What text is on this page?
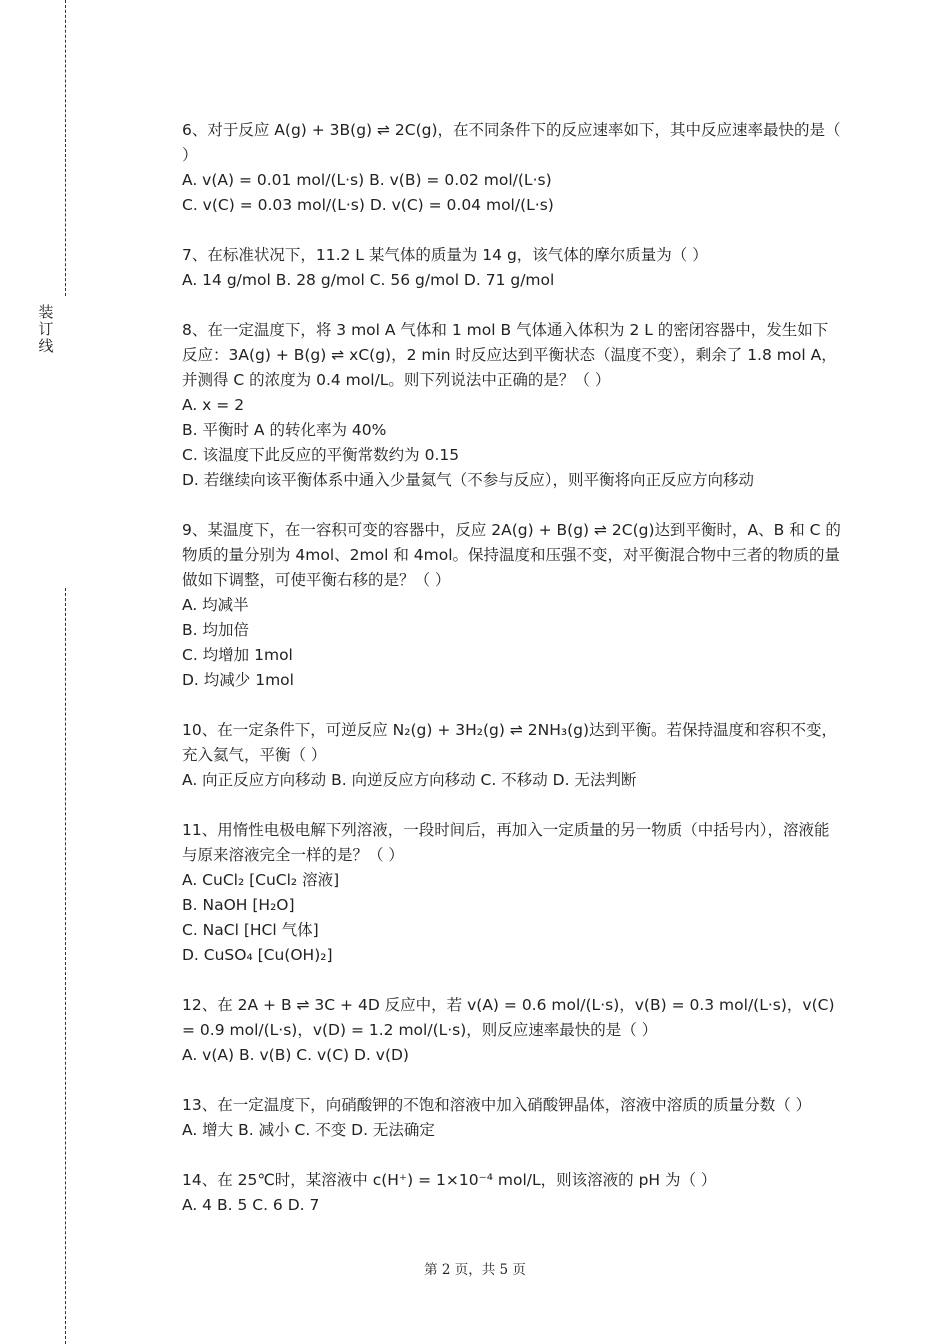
装
订
线
6、对于反应 A(g) + 3B(g) ⇌ 2C(g)，在不同条件下的反应速率如下，其中反应速率最快的是（ ）
A. v(A) = 0.01 mol/(L·s) B. v(B) = 0.02 mol/(L·s)
C. v(C) = 0.03 mol/(L·s) D. v(C) = 0.04 mol/(L·s)
7、在标准状况下，11.2 L 某气体的质量为 14 g，该气体的摩尔质量为（ ）
A. 14 g/mol B. 28 g/mol C. 56 g/mol D. 71 g/mol
8、在一定温度下，将 3 mol A 气体和 1 mol B 气体通入体积为 2 L 的密闭容器中，发生如下反应：3A(g) + B(g) ⇌ xC(g)，2 min 时反应达到平衡状态（温度不变），剩余了 1.8 mol A，并测得 C 的浓度为 0.4 mol/L。则下列说法中正确的是？（ ）
A. x = 2
B. 平衡时 A 的转化率为 40%
C. 该温度下此反应的平衡常数约为 0.15
D. 若继续向该平衡体系中通入少量氦气（不参与反应），则平衡将向正反应方向移动
9、某温度下，在一容积可变的容器中，反应 2A(g) + B(g) ⇌ 2C(g)达到平衡时，A、B 和 C 的物质的量分别为 4mol、2mol 和 4mol。保持温度和压强不变，对平衡混合物中三者的物质的量做如下调整，可使平衡右移的是？（ ）
A. 均减半
B. 均加倍
C. 均增加 1mol
D. 均减少 1mol
10、在一定条件下，可逆反应 N₂(g) + 3H₂(g) ⇌ 2NH₃(g)达到平衡。若保持温度和容积不变，充入氦气，平衡（ ）
A. 向正反应方向移动 B. 向逆反应方向移动 C. 不移动 D. 无法判断
11、用惰性电极电解下列溶液，一段时间后，再加入一定质量的另一物质（中括号内），溶液能与原来溶液完全一样的是？（ ）
A. CuCl₂ [CuCl₂ 溶液]
B. NaOH [H₂O]
C. NaCl [HCl 气体]
D. CuSO₄ [Cu(OH)₂]
12、在 2A + B ⇌ 3C + 4D 反应中，若 v(A) = 0.6 mol/(L·s)，v(B) = 0.3 mol/(L·s)，v(C) = 0.9 mol/(L·s)，v(D) = 1.2 mol/(L·s)，则反应速率最快的是（ ）
A. v(A) B. v(B) C. v(C) D. v(D)
13、在一定温度下，向硝酸钾的不饱和溶液中加入硝酸钾晶体，溶液中溶质的质量分数（ ）
A. 增大 B. 减小 C. 不变 D. 无法确定
14、在 25℃时，某溶液中 c(H⁺) = 1×10⁻⁴ mol/L，则该溶液的 pH 为（ ）
A. 4 B. 5 C. 6 D. 7
第 2 页，共 5 页
